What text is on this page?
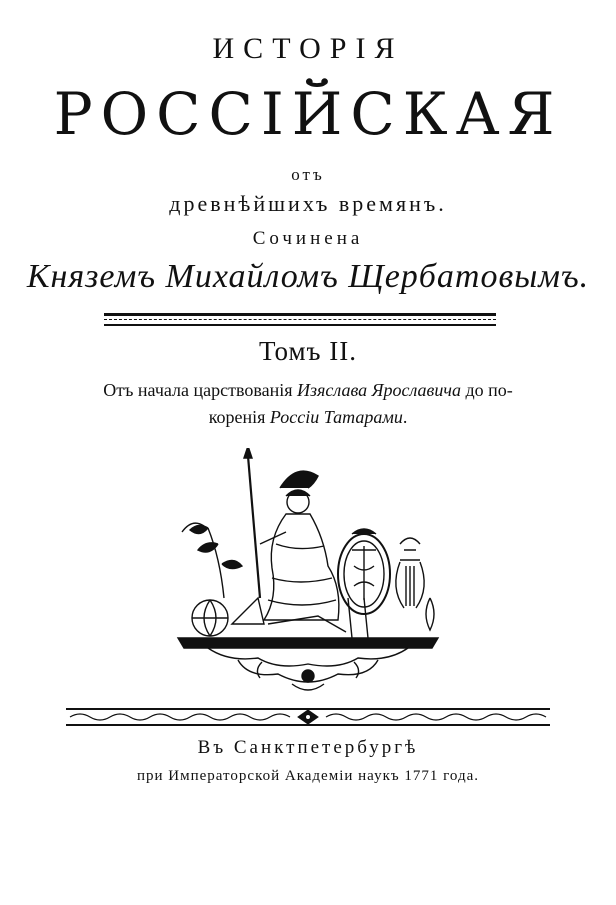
ИСТОРІЯ
РОССІЙСКАЯ
отъ
древнѣйшихъ времянъ.
Сочинена
Княземъ Михайломъ Щербатовымъ.
Томъ II.
Отъ начала царствованія Изяслава Ярославича до по-
коренія Россіи Татарами.
Въ Санктпетербургѣ
при Императорской Академіи наукъ 1771 года.
